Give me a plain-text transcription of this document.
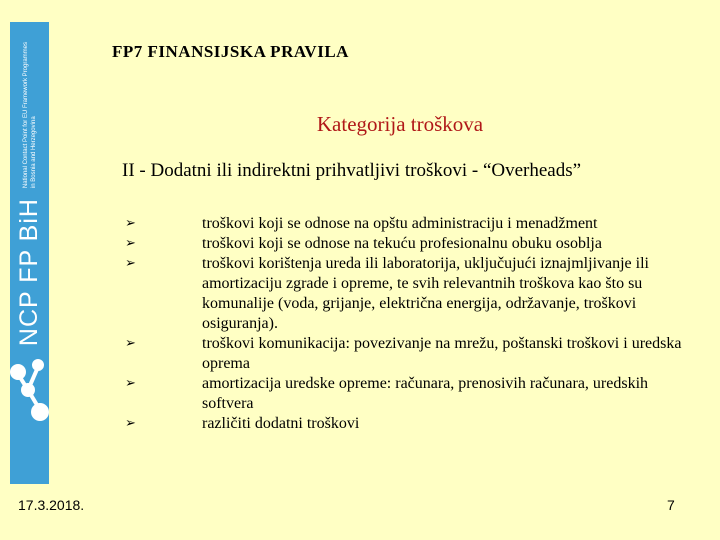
NCP FP BiH
National Contact Point for EU Framework Programmes in Bosnia and Herzegovina
FP7 FINANSIJSKA PRAVILA
Kategorija troškova
II - Dodatni ili indirektni prihvatljivi troškovi - “Overheads”
➢	troškovi koji se odnose na opštu administraciju i menadžment
➢	troškovi koji se odnose na tekuću profesionalnu obuku osoblja
➢	troškovi korištenja ureda ili laboratorija, uključujući iznajmljivanje ili amortizaciju zgrade i opreme, te svih relevantnih troškova kao što su komunalije (voda, grijanje, električna energija, održavanje, troškovi osiguranja).
➢	troškovi komunikacija: povezivanje na mrežu, poštanski troškovi i uredska oprema
➢	amortizacija uredske opreme: računara, prenosivih računara, uredskih softvera
➢	različiti dodatni troškovi
17.3.2018.	7
